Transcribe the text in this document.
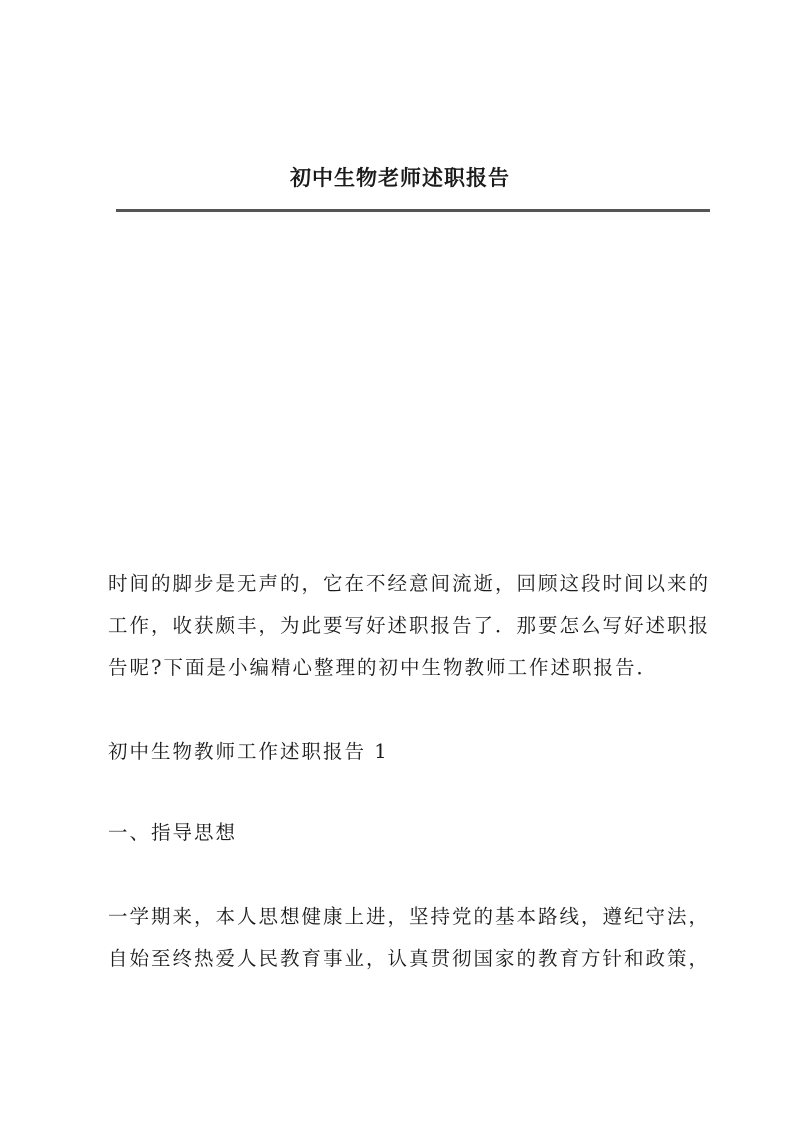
初中生物老师述职报告
时间的脚步是无声的，它在不经意间流逝，回顾这段时间以来的
工作，收获颇丰，为此要写好述职报告了．那要怎么写好述职报
告呢?下面是小编精心整理的初中生物教师工作述职报告．
初中生物教师工作述职报告 1
一、指导思想
一学期来，本人思想健康上进，坚持党的基本路线，遵纪守法，
自始至终热爱人民教育事业，认真贯彻国家的教育方针和政策，
